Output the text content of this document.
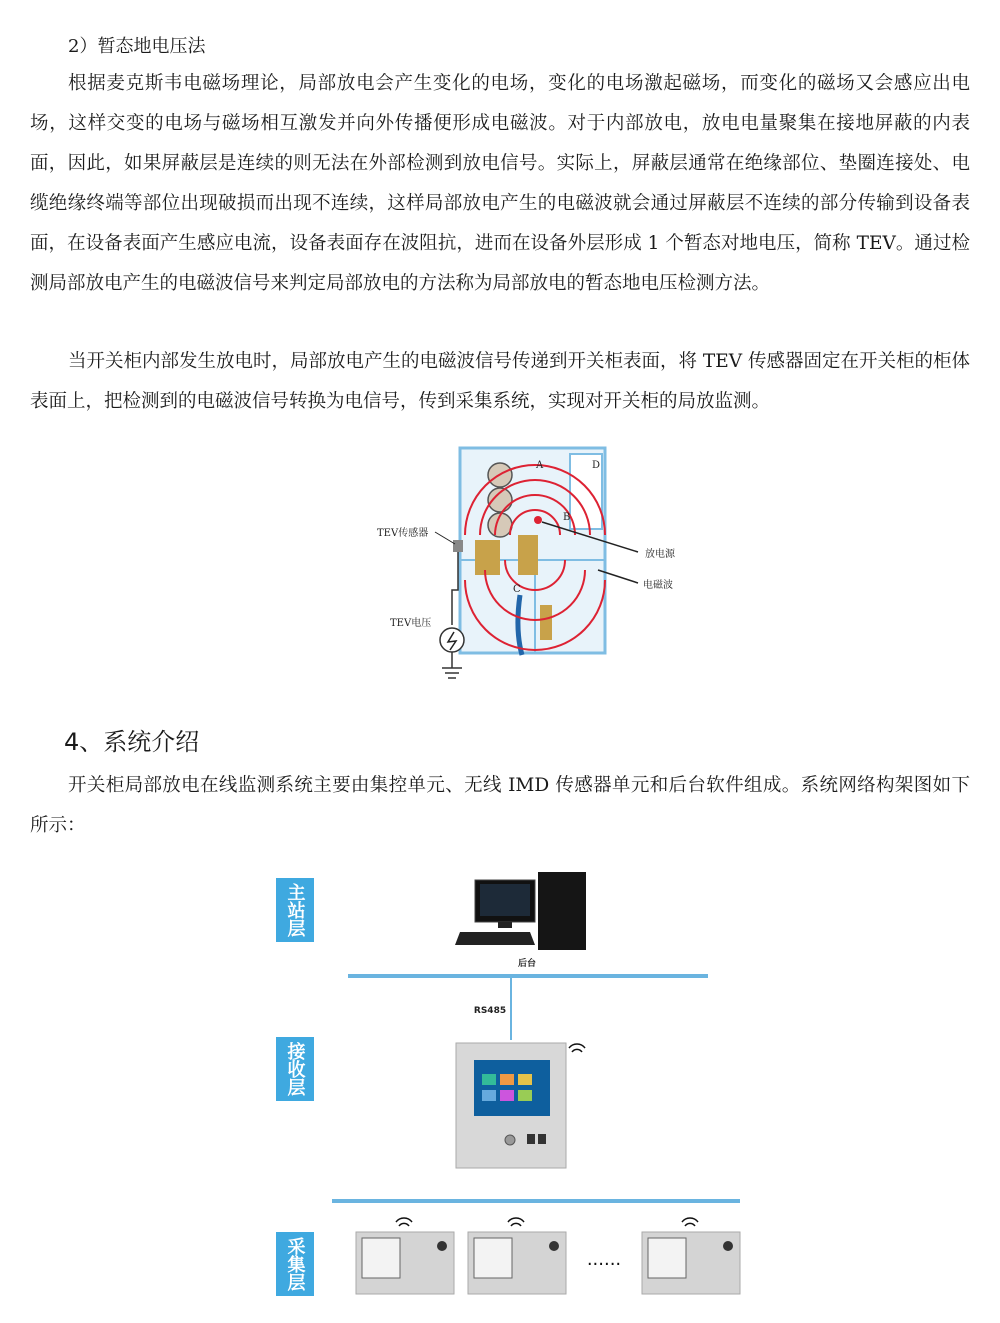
2）暂态地电压法

根据麦克斯韦电磁场理论，局部放电会产生变化的电场，变化的电场激起磁场，而变化的磁场又会感应出电场，这样交变的电场与磁场相互激发并向外传播便形成电磁波。对于内部放电，放电电量聚集在接地屏蔽的内表面，因此，如果屏蔽层是连续的则无法在外部检测到放电信号。实际上，屏蔽层通常在绝缘部位、垫圈连接处、电缆绝缘终端等部位出现破损而出现不连续，这样局部放电产生的电磁波就会通过屏蔽层不连续的部分传输到设备表面，在设备表面产生感应电流，设备表面存在波阻抗，进而在设备外层形成 1 个暂态对地电压，简称 TEV。通过检测局部放电产生的电磁波信号来判定局部放电的方法称为局部放电的暂态地电压检测方法。

当开关柜内部发生放电时，局部放电产生的电磁波信号传递到开关柜表面，将 TEV 传感器固定在开关柜的柜体表面上，把检测到的电磁波信号转换为电信号，传到采集系统，实现对开关柜的局放监测。

TEV传感器
TEV电压
放电源
电磁波
A
B
C
D
4、系统介绍

开关柜局部放电在线监测系统主要由集控单元、无线 IMD 传感器单元和后台软件组成。系统网络构架图如下所示：

后台
RS485
......
主站层
接收层
采集层
